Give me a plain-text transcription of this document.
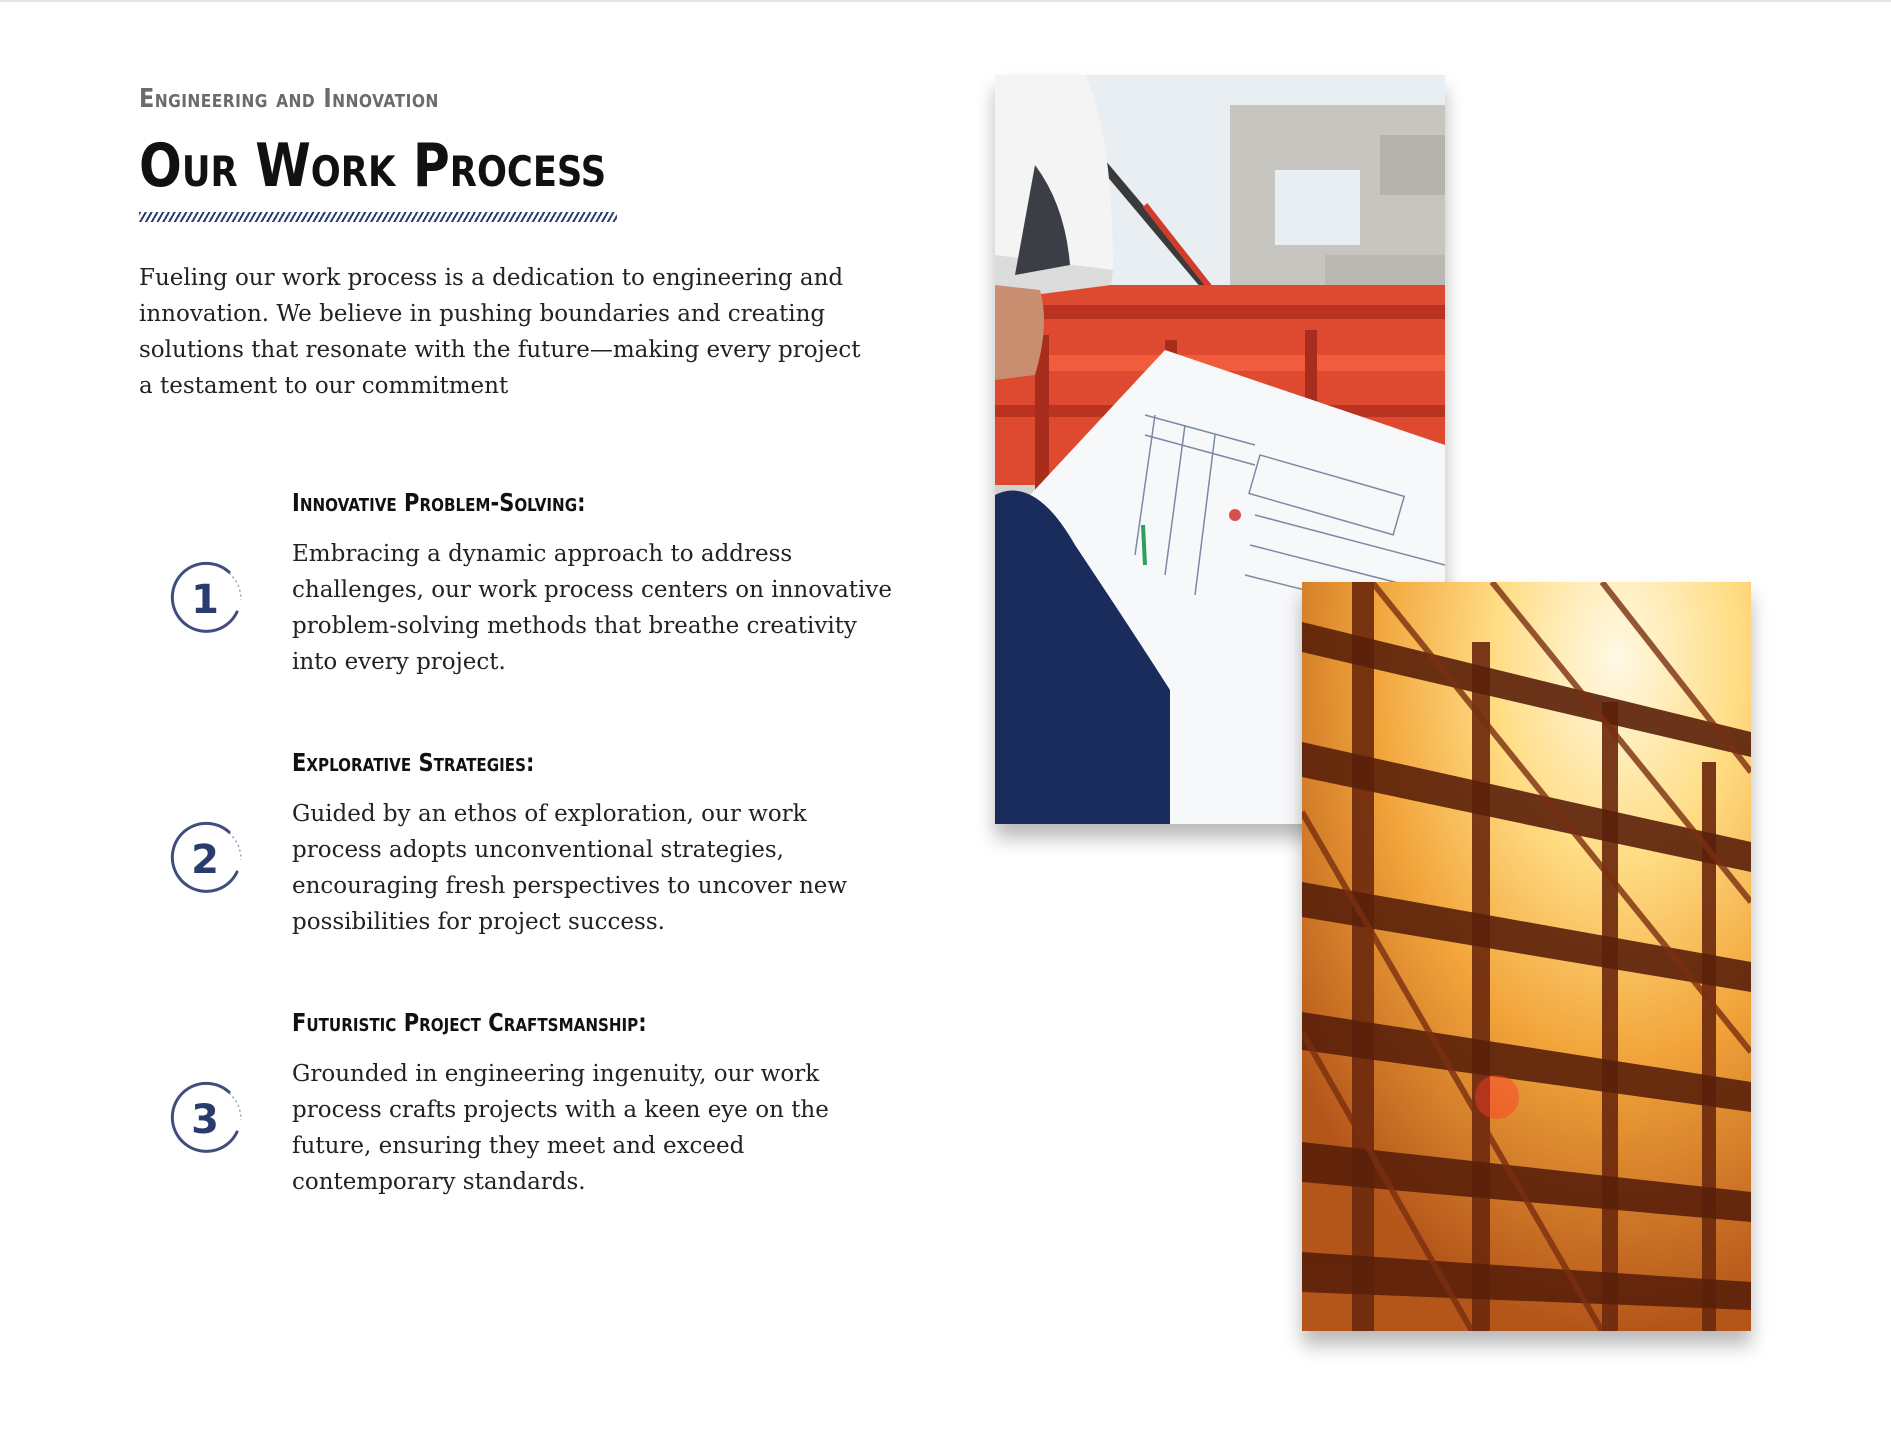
Engineering and Innovation
Our Work Process

Fueling our work process is a dedication to engineering and innovation. We believe in pushing boundaries and creating solutions that resonate with the future—making every project a testament to our commitment

1
Innovative Problem-Solving:

Embracing a dynamic approach to address challenges, our work process centers on innovative problem-solving methods that breathe creativity into every project.

2
Explorative Strategies:

Guided by an ethos of exploration, our work process adopts unconventional strategies, encouraging fresh perspectives to uncover new possibilities for project success.

3
Futuristic Project Craftsmanship:

Grounded in engineering ingenuity, our work process crafts projects with a keen eye on the future, ensuring they meet and exceed contemporary standards.
